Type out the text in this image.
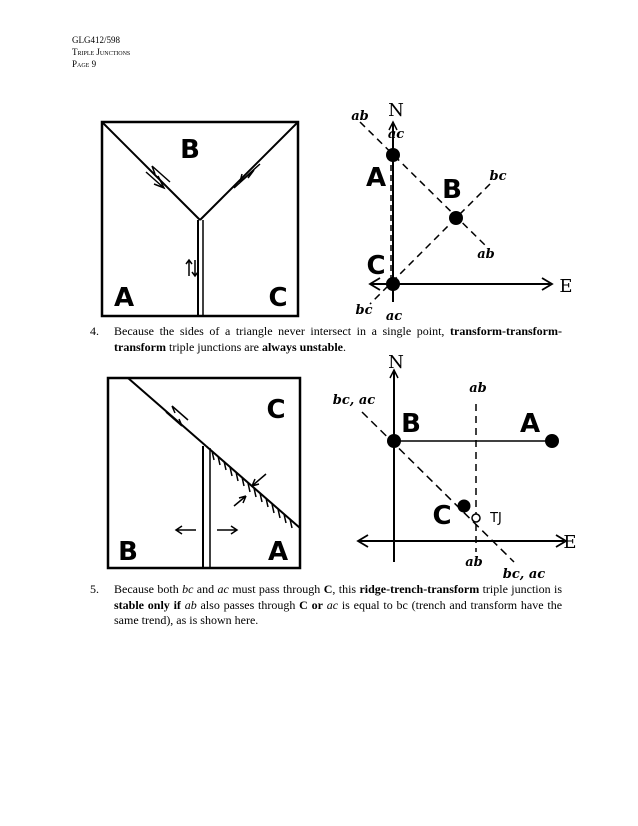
GLG412/598
Triple Junctions
Page 9
B
A	C
N
E
A B
C
ab
ac
bc
ab
bc ac
4. Because the sides of a triangle never intersect in a single point, transform-transform-transform triple junctions are always unstable.
C
B	A
N
E
B	A
C	TJ
ab
bc, ac
ab
bc, ac
5. Because both bc and ac must pass through C, this ridge-trench-transform triple junction is stable only if ab also passes through C or ac is equal to bc (trench and transform have the same trend), as is shown here.
